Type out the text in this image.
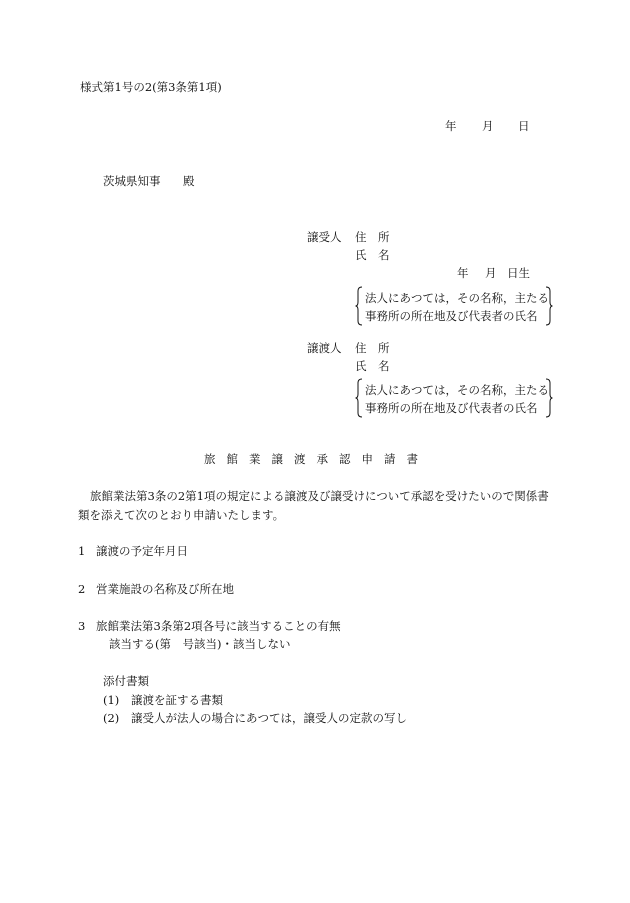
様式第1号の2(第3条第1項)
年 月 日
茨城県知事 殿
譲受人 住　所
氏　名
年 月 日生
法人にあつては，その名称，主たる
事務所の所在地及び代表者の氏名
譲渡人 住　所
氏　名
法人にあつては，その名称，主たる
事務所の所在地及び代表者の氏名
旅館業譲渡承認申請書
旅館業法第3条の2第1項の規定による譲渡及び譲受けについて承認を受けたいので関係書
類を添えて次のとおり申請いたします。
1 譲渡の予定年月日
2 営業施設の名称及び所在地
3 旅館業法第3条第2項各号に該当することの有無
該当する(第　号該当)・該当しない
添付書類
(1) 譲渡を証する書類
(2) 譲受人が法人の場合にあつては，譲受人の定款の写し
